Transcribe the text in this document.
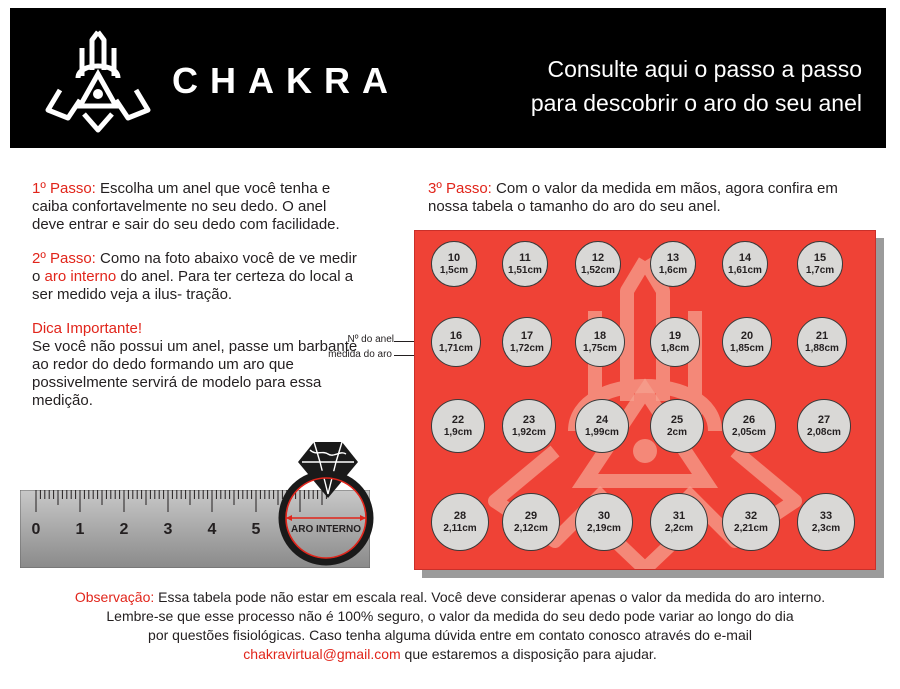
CHAKRA	Consulte aqui o passo a passo
para descobrir o aro do seu anel

1º Passo: Escolha um anel que você tenha e caiba confortavelmente no seu dedo. O anel deve entrar e sair do seu dedo com facilidade.

2º Passo: Como na foto abaixo você de ve medir o aro interno do anel. Para ter certeza do local a ser medido veja a ilus- tração.

Dica Importante!
Se você não possui um anel, passe um barbante ao redor do dedo formando um aro que possivelmente servirá de modelo para essa medição.

3º Passo: Com o valor da medida em mãos, agora confira em nossa tabela o tamanho do aro do seu anel.
Nº do anel
medida do aro
0 1 2 3 4 5	ARO INTERNO
10
1,5cm
11
1,51cm
12
1,52cm
13
1,6cm
14
1,61cm
15
1,7cm
16
1,71cm
17
1,72cm
18
1,75cm
19
1,8cm
20
1,85cm
21
1,88cm
22
1,9cm
23
1,92cm
24
1,99cm
25
2cm
26
2,05cm
27
2,08cm
28
2,11cm
29
2,12cm
30
2,19cm
31
2,2cm
32
2,21cm
33
2,3cm
Observação: Essa tabela pode não estar em escala real. Você deve considerar apenas o valor da medida do aro interno.
Lembre-se que esse processo não é 100% seguro, o valor da medida do seu dedo pode variar ao longo do dia
por questões fisiológicas. Caso tenha alguma dúvida entre em contato conosco através do e-mail
chakravirtual@gmail.com que estaremos a disposição para ajudar.
